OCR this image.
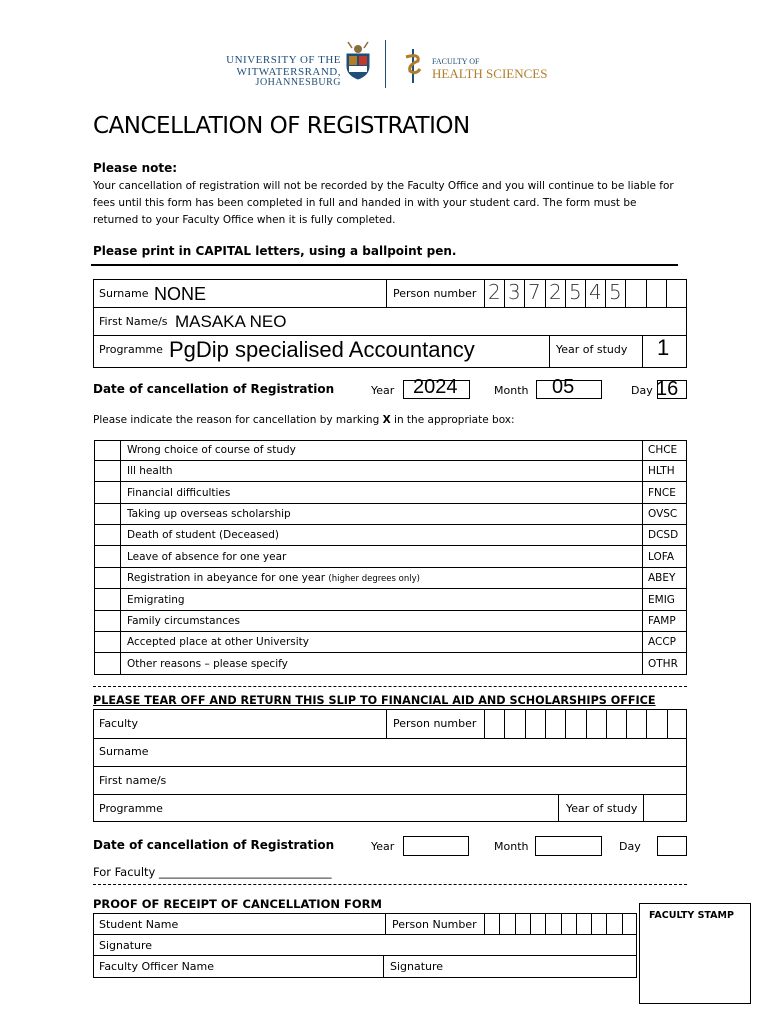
UNIVERSITY OF THE
WITWATERSRAND,
JOHANNESBURG
FACULTY OF
HEALTH SCIENCES
CANCELLATION OF REGISTRATION
Please note:
Your cancellation of registration will not be recorded by the Faculty Office and you will continue to be liable for
fees until this form has been completed in full and handed in with your student card. The form must be
returned to your Faculty Office when it is fully completed.
Please print in CAPITAL letters, using a ballpoint pen.
Surname NONE	Person number 2 3 7 2 5 4 5
First Name/s MASAKA NEO
Programme PgDip specialised Accountancy	Year of study 1
Date of cancellation of Registration	Year 2024	Month 05	Day 16
Please indicate the reason for cancellation by marking X in the appropriate box:
Wrong choice of course of study	CHCE
Ill health	HLTH
Financial difficulties	FNCE
Taking up overseas scholarship	OVSC
Death of student (Deceased)	DCSD
Leave of absence for one year	LOFA
Registration in abeyance for one year (higher degrees only)	ABEY
Emigrating	EMIG
Family circumstances	FAMP
Accepted place at other University	ACCP
Other reasons – please specify	OTHR
PLEASE TEAR OFF AND RETURN THIS SLIP TO FINANCIAL AID AND SCHOLARSHIPS OFFICE
Faculty	Person number
Surname
First name/s
Programme	Year of study
Date of cancellation of Registration	Year	Month	Day
For Faculty ______________________________
PROOF OF RECEIPT OF CANCELLATION FORM
Student Name	Person Number
Signature
Faculty Officer Name	Signature
FACULTY STAMP
